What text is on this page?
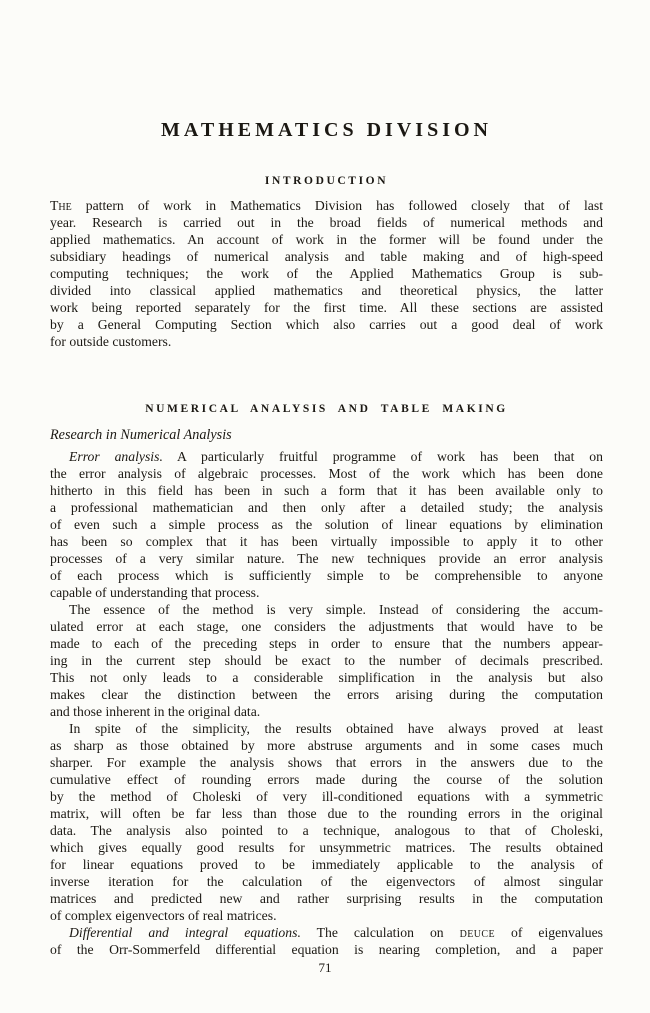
MATHEMATICS DIVISION
INTRODUCTION
The pattern of work in Mathematics Division has followed closely that of last
year. Research is carried out in the broad fields of numerical methods and
applied mathematics. An account of work in the former will be found under the
subsidiary headings of numerical analysis and table making and of high-speed
computing techniques; the work of the Applied Mathematics Group is sub-
divided into classical applied mathematics and theoretical physics, the latter
work being reported separately for the first time. All these sections are assisted
by a General Computing Section which also carries out a good deal of work
for outside customers.
NUMERICAL ANALYSIS AND TABLE MAKING
Research in Numerical Analysis
Error analysis. A particularly fruitful programme of work has been that on
the error analysis of algebraic processes. Most of the work which has been done
hitherto in this field has been in such a form that it has been available only to
a professional mathematician and then only after a detailed study; the analysis
of even such a simple process as the solution of linear equations by elimination
has been so complex that it has been virtually impossible to apply it to other
processes of a very similar nature. The new techniques provide an error analysis
of each process which is sufficiently simple to be comprehensible to anyone
capable of understanding that process.
The essence of the method is very simple. Instead of considering the accum-
ulated error at each stage, one considers the adjustments that would have to be
made to each of the preceding steps in order to ensure that the numbers appear-
ing in the current step should be exact to the number of decimals prescribed.
This not only leads to a considerable simplification in the analysis but also
makes clear the distinction between the errors arising during the computation
and those inherent in the original data.
In spite of the simplicity, the results obtained have always proved at least
as sharp as those obtained by more abstruse arguments and in some cases much
sharper. For example the analysis shows that errors in the answers due to the
cumulative effect of rounding errors made during the course of the solution
by the method of Choleski of very ill-conditioned equations with a symmetric
matrix, will often be far less than those due to the rounding errors in the original
data. The analysis also pointed to a technique, analogous to that of Choleski,
which gives equally good results for unsymmetric matrices. The results obtained
for linear equations proved to be immediately applicable to the analysis of
inverse iteration for the calculation of the eigenvectors of almost singular
matrices and predicted new and rather surprising results in the computation
of complex eigenvectors of real matrices.
Differential and integral equations. The calculation on deuce of eigenvalues
of the Orr-Sommerfeld differential equation is nearing completion, and a paper
71
